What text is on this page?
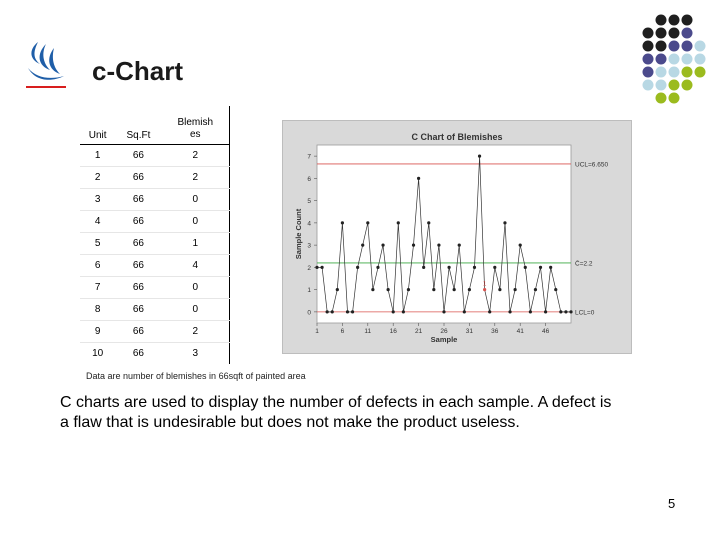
c-Chart
Unit	Sq.Ft	Blemish
es
1	66	2
2	66	2
3	66	0
4	66	0
5	66	1
6	66	4
7	66	0
8	66	0
9	66	2
10	66	3
C Chart of Blemishes
0
1
2
3
4
5
6
7
1	6	11	16	21	26	31	36	41	46
Sample
Sample Count
UCL=6.650
C̄=2.2
LCL=0
1
Data are number of blemishes in 66sqft of painted area
C charts are used to display the number of defects in each sample. A defect is a flaw that is undesirable but does not make the product useless.
5
